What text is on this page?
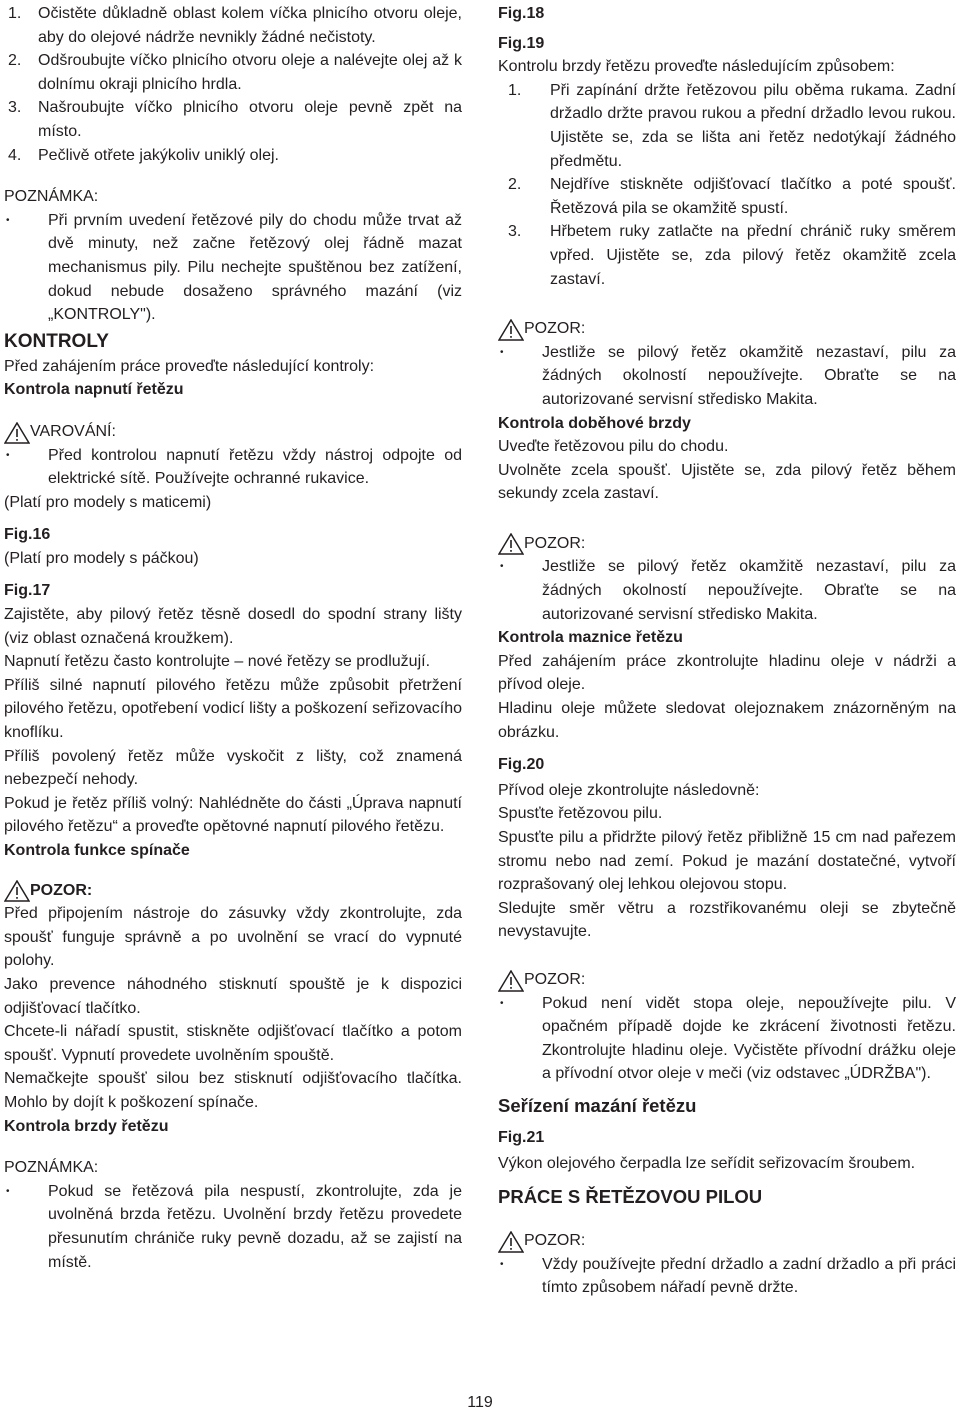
1.	Očistěte důkladně oblast kolem víčka plnicího otvoru oleje, aby do olejové nádrže nevnikly žádné nečistoty.
2.	Odšroubujte víčko plnicího otvoru oleje a nalévejte olej až k dolnímu okraji plnicího hrdla.
3.	Našroubujte víčko plnicího otvoru oleje pevně zpět na místo.
4.	Pečlivě otřete jakýkoliv uniklý olej.

POZNÁMKA:

•	Při prvním uvedení řetězové pily do chodu může trvat až dvě minuty, než začne řetězový olej řádně mazat mechanismus pily. Pilu nechejte spuštěnou bez zatížení, dokud nebude dosaženo správného mazání (viz „KONTROLY").

KONTROLY

Před zahájením práce proveďte následující kontroly:

Kontrola napnutí řetězu

VAROVÁNÍ:
•	Před kontrolou napnutí řetězu vždy nástroj odpojte od elektrické sítě. Používejte ochranné rukavice.

(Platí pro modely s maticemi)

Fig.16

(Platí pro modely s páčkou)

Fig.17

Zajistěte, aby pilový řetěz těsně dosedl do spodní strany lišty (viz oblast označená kroužkem).

Napnutí řetězu často kontrolujte – nové řetězy se prodlužují.

Příliš silné napnutí pilového řetězu může způsobit přetržení pilového řetězu, opotřebení vodicí lišty a poškození seřizovacího knoflíku.

Příliš povolený řetěz může vyskočit z lišty, což znamená nebezpečí nehody.

Pokud je řetěz příliš volný: Nahlédněte do části „Úprava napnutí pilového řetězu“ a proveďte opětovné napnutí pilového řetězu.

Kontrola funkce spínače

POZOR:

Před připojením nástroje do zásuvky vždy zkontrolujte, zda spoušť funguje správně a po uvolnění se vrací do vypnuté polohy.

Jako prevence náhodného stisknutí spouště je k dispozici odjišťovací tlačítko.

Chcete-li nářadí spustit, stiskněte odjišťovací tlačítko a potom spoušť. Vypnutí provedete uvolněním spouště.

Nemačkejte spoušť silou bez stisknutí odjišťovacího tlačítka. Mohlo by dojít k poškození spínače.

Kontrola brzdy řetězu

POZNÁMKA:

•	Pokud se řetězová pila nespustí, zkontrolujte, zda je uvolněná brzda řetězu. Uvolnění brzdy řetězu provedete přesunutím chrániče ruky pevně dozadu, až se zajistí na místě.

Fig.18

Fig.19

Kontrolu brzdy řetězu proveďte následujícím způsobem:

1.	Při zapínání držte řetězovou pilu oběma rukama. Zadní držadlo držte pravou rukou a přední držadlo levou rukou. Ujistěte se, zda se lišta ani řetěz nedotýkají žádného předmětu.
2.	Nejdříve stiskněte odjišťovací tlačítko a poté spoušť. Řetězová pila se okamžitě spustí.
3.	Hřbetem ruky zatlačte na přední chránič ruky směrem vpřed. Ujistěte se, zda pilový řetěz okamžitě zcela zastaví.
POZOR:
•	Jestliže se pilový řetěz okamžitě nezastaví, pilu za žádných okolností nepoužívejte. Obraťte se na autorizované servisní středisko Makita.

Kontrola doběhové brzdy

Uveďte řetězovou pilu do chodu.

Uvolněte zcela spoušť. Ujistěte se, zda pilový řetěz během sekundy zcela zastaví.

POZOR:
•	Jestliže se pilový řetěz okamžitě nezastaví, pilu za žádných okolností nepoužívejte. Obraťte se na autorizované servisní středisko Makita.

Kontrola maznice řetězu

Před zahájením práce zkontrolujte hladinu oleje v nádrži a přívod oleje.

Hladinu oleje můžete sledovat olejoznakem znázorněným na obrázku.

Fig.20

Přívod oleje zkontrolujte následovně:

Spusťte řetězovou pilu.

Spusťte pilu a přidržte pilový řetěz přibližně 15 cm nad pařezem stromu nebo nad zemí. Pokud je mazání dostatečné, vytvoří rozprašovaný olej lehkou olejovou stopu.

Sledujte směr větru a rozstřikovanému oleji se zbytečně nevystavujte.

POZOR:
•	Pokud není vidět stopa oleje, nepoužívejte pilu. V opačném případě dojde ke zkrácení životnosti řetězu. Zkontrolujte hladinu oleje. Vyčistěte přívodní drážku oleje a přívodní otvor oleje v meči (viz odstavec „ÚDRŽBA").

Seřízení mazání řetězu

Fig.21

Výkon olejového čerpadla lze seřídit seřizovacím šroubem.

PRÁCE S ŘETĚZOVOU PILOU

POZOR:
•	Vždy používejte přední držadlo a zadní držadlo a při práci tímto způsobem nářadí pevně držte.
119
